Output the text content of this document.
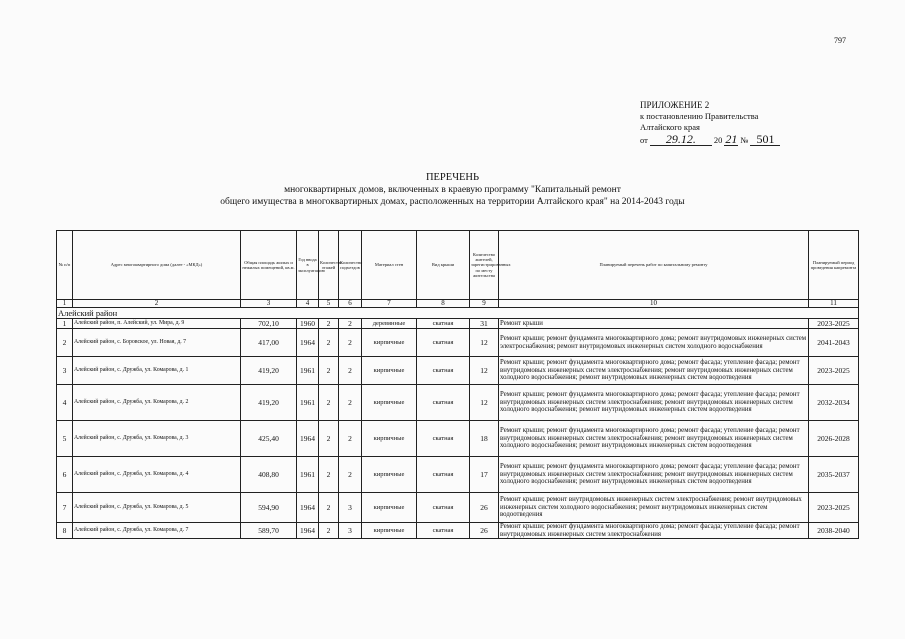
797
ПРИЛОЖЕНИЕ 2
к постановлению Правительства
Алтайского края
от	29.12.	20 21 № 501
ПЕРЕЧЕНЬ
многоквартирных домов, включенных в краевую программу "Капитальный ремонт
общего имущества в многоквартирных домах, расположенных на территории Алтайского края" на 2014-2043 годы
№ п/п	Адрес многоквартирного дома (далее - «МКД»)	Общая площадь жилых и нежилых помещений, кв.м.	Год ввода в эксплуатацию	Количество этажей	Количество подъездов	Материал стен	Вид крыши	Количество жителей, зарегистрированных по месту жительства	Планируемый перечень работ по капитальному ремонту	Планируемый период проведения капремонта
1	2	3	4	5	6	7	8	9	10	11
Алейский район										
1	Алейский район, п. Алейский, ул. Мира, д. 9	702,10	1960	2	2	деревянные	скатная	31	Ремонт крыши	2023-2025
2	Алейский район, с. Боровское, ул. Новая, д. 7	417,00	1964	2	2	кирпичные	скатная	12	Ремонт крыши; ремонт фундамента многоквартирного дома; ремонт внутридомовых инженерных систем электроснабжения; ремонт внутридомовых инженерных систем холодного водоснабжения	2041-2043
3	Алейский район, с. Дружба, ул. Комарова, д. 1	419,20	1961	2	2	кирпичные	скатная	12	Ремонт крыши; ремонт фундамента многоквартирного дома; ремонт фасада; утепление фасада; ремонт внутридомовых инженерных систем электроснабжения; ремонт внутридомовых инженерных систем холодного водоснабжения; ремонт внутридомовых инженерных систем водоотведения	2023-2025
4	Алейский район, с. Дружба, ул. Комарова, д. 2	419,20	1961	2	2	кирпичные	скатная	12	Ремонт крыши; ремонт фундамента многоквартирного дома; ремонт фасада; утепление фасада; ремонт внутридомовых инженерных систем электроснабжения; ремонт внутридомовых инженерных систем холодного водоснабжения; ремонт внутридомовых инженерных систем водоотведения	2032-2034
5	Алейский район, с. Дружба, ул. Комарова, д. 3	425,40	1964	2	2	кирпичные	скатная	18	Ремонт крыши; ремонт фундамента многоквартирного дома; ремонт фасада; утепление фасада; ремонт внутридомовых инженерных систем электроснабжения; ремонт внутридомовых инженерных систем холодного водоснабжения; ремонт внутридомовых инженерных систем водоотведения	2026-2028
6	Алейский район, с. Дружба, ул. Комарова, д. 4	408,80	1961	2	2	кирпичные	скатная	17	Ремонт крыши; ремонт фундамента многоквартирного дома; ремонт фасада; утепление фасада; ремонт внутридомовых инженерных систем электроснабжения; ремонт внутридомовых инженерных систем холодного водоснабжения; ремонт внутридомовых инженерных систем водоотведения	2035-2037
7	Алейский район, с. Дружба, ул. Комарова, д. 5	594,90	1964	2	3	кирпичные	скатная	26	Ремонт крыши; ремонт внутридомовых инженерных систем электроснабжения; ремонт внутридомовых инженерных систем холодного водоснабжения; ремонт внутридомовых инженерных систем водоотведения	2023-2025
8	Алейский район, с. Дружба, ул. Комарова, д. 7	589,70	1964	2	3	кирпичные	скатная	26	Ремонт крыши; ремонт фундамента многоквартирного дома; ремонт фасада; утепление фасада; ремонт внутридомовых инженерных систем электроснабжения	2038-2040
